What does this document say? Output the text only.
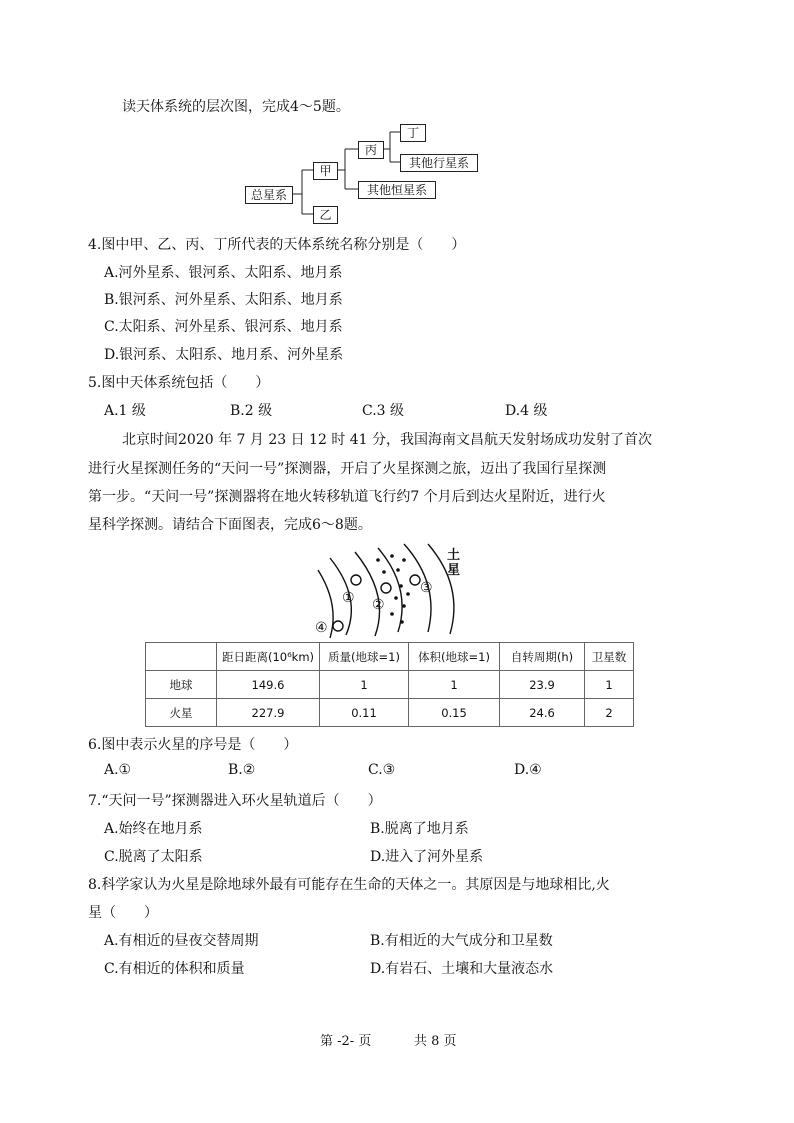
读天体系统的层次图，完成4～5题。
总星系
甲
乙
丙
丁
其他行星系
其他恒星系
4.图中甲、乙、丙、丁所代表的天体系统名称分别是（　　）
A.河外星系、银河系、太阳系、地月系
B.银河系、河外星系、太阳系、地月系
C.太阳系、河外星系、银河系、地月系
D.银河系、太阳系、地月系、河外星系
5.图中天体系统包括（　　）
A.1 级	B.2 级	C.3 级	D.4 级
北京时间2020 年 7 月 23 日 12 时 41 分，我国海南文昌航天发射场成功发射了首次
进行火星探测任务的“天问一号”探测器，开启了火星探测之旅，迈出了我国行星探测
第一步。“天问一号”探测器将在地火转移轨道飞行约7 个月后到达火星附近，进行火
星科学探测。请结合下面图表，完成6～8题。
① ②
③
④
土星
	距日距离(10⁶km)	质量(地球=1)	体积(地球=1)	自转周期(h)	卫星数
地球	149.6	1	1	23.9	1
火星	227.9	0.11	0.15	24.6	2
6.图中表示火星的序号是（　　）
A.①	B.②	C.③	D.④
7.“天问一号”探测器进入环火星轨道后（　　）
A.始终在地月系	B.脱离了地月系
C.脱离了太阳系	D.进入了河外星系
8.科学家认为火星是除地球外最有可能存在生命的天体之一。其原因是与地球相比,火
星（　　）
A.有相近的昼夜交替周期	B.有相近的大气成分和卫星数
C.有相近的体积和质量	D.有岩石、土壤和大量液态水
第 -2- 页	共 8 页
